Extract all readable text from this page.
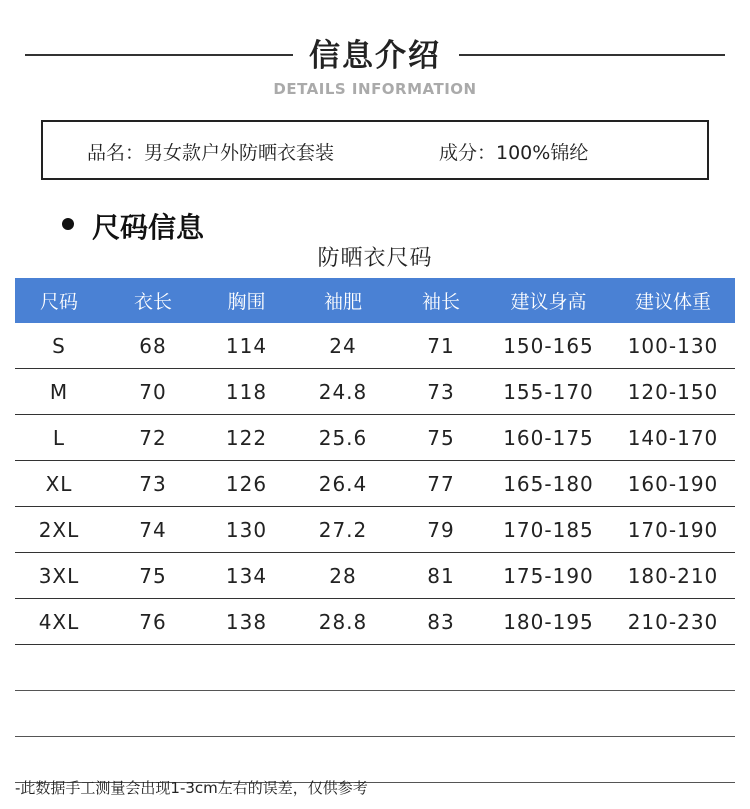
信息介绍
DETAILS INFORMATION
品名：男女款户外防晒衣套装	成分：100%锦纶
尺码信息
防晒衣尺码
尺码	衣长	胸围	袖肥	袖长	建议身高	建议体重
S	68	114	24	71	150-165	100-130
M	70	118	24.8	73	155-170	120-150
L	72	122	25.6	75	160-175	140-170
XL	73	126	26.4	77	165-180	160-190
2XL	74	130	27.2	79	170-185	170-190
3XL	75	134	28	81	175-190	180-210
4XL	76	138	28.8	83	180-195	210-230

-此数据手工测量会出现1-3cm左右的误差，仅供参考
